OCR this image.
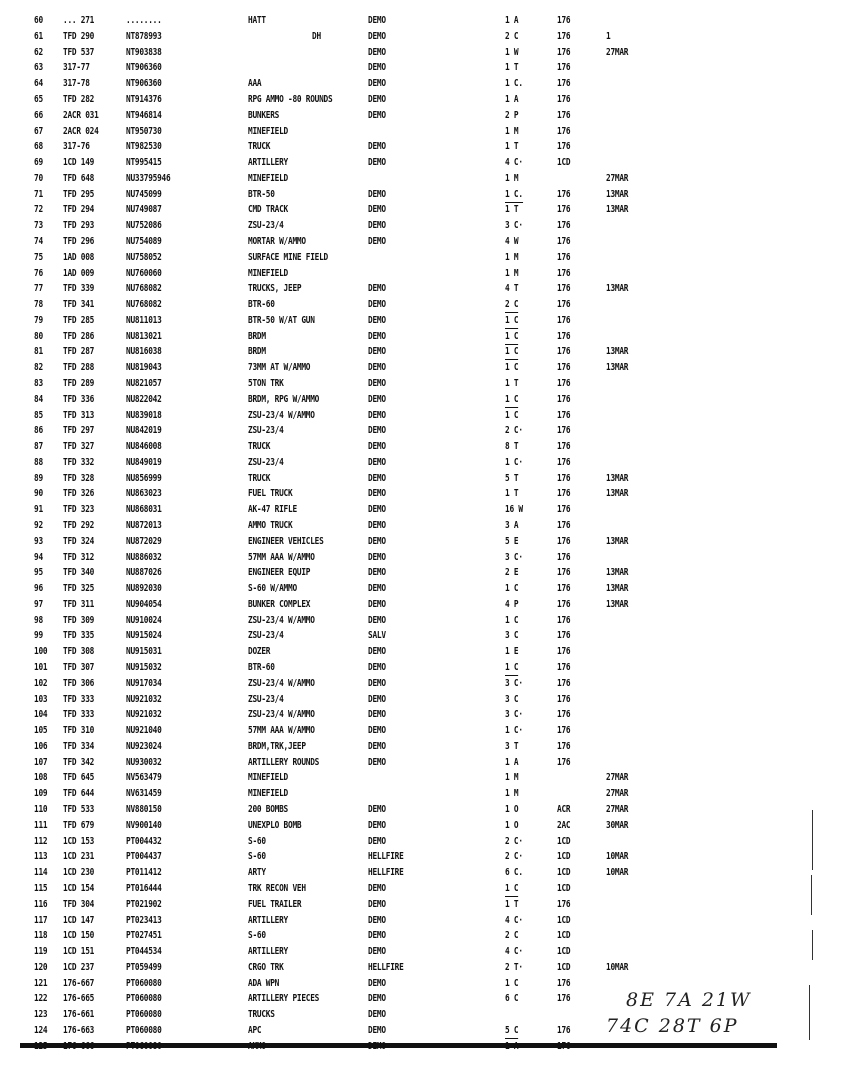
60 ... 271	........	HATT	DEMO	1 A	176
61 TFD 290	NT878993	DH	DEMO	2 C	176	1
62 TFD 537	NT903838	DEMO	1 W	176	27MAR
63 317-77	NT906360	DEMO	1 T	176
64 317-78	NT906360	AAA	DEMO	1 C.	176
65 TFD 282	NT914376	RPG AMMO -80 ROUNDS	DEMO	1 A	176
66 2ACR 031	NT946814	BUNKERS	DEMO	2 P	176
67 2ACR 024	NT950730	MINEFIELD	1 M	176
68 317-76	NT982530	TRUCK	DEMO	1 T	176
69 1CD 149	NT995415	ARTILLERY	DEMO	4 C·	1CD
70 TFD 648	NU33795946	MINEFIELD	1 M	27MAR
71 TFD 295	NU745099	BTR-50	DEMO	1 C.	176	13MAR
72 TFD 294	NU749087	CMD TRACK	DEMO	1 T	176	13MAR
73 TFD 293	NU752086	ZSU-23/4	DEMO	3 C·	176
74 TFD 296	NU754089	MORTAR W/AMMO	DEMO	4 W	176
75 1AD 008	NU758052	SURFACE MINE FIELD	1 M	176
76 1AD 009	NU760060	MINEFIELD	1 M	176
77 TFD 339	NU768082	TRUCKS, JEEP	DEMO	4 T	176	13MAR
78 TFD 341	NU768082	BTR-60	DEMO	2 C	176
79 TFD 285	NU811013	BTR-50 W/AT GUN	DEMO	1 C	176
80 TFD 286	NU813021	BRDM	DEMO	1 C	176
81 TFD 287	NU816038	BRDM	DEMO	1 C	176	13MAR
82 TFD 288	NU819043	73MM AT W/AMMO	DEMO	1 C	176	13MAR
83 TFD 289	NU821057	5TON TRK	DEMO	1 T	176
84 TFD 336	NU822042	BRDM, RPG W/AMMO	DEMO	1 C	176
85 TFD 313	NU839018	ZSU-23/4 W/AMMO	DEMO	1 C	176
86 TFD 297	NU842019	ZSU-23/4	DEMO	2 C·	176
87 TFD 327	NU846008	TRUCK	DEMO	8 T	176
88 TFD 332	NU849019	ZSU-23/4	DEMO	1 C·	176
89 TFD 328	NU856999	TRUCK	DEMO	5 T	176	13MAR
90 TFD 326	NU863023	FUEL TRUCK	DEMO	1 T	176	13MAR
91 TFD 323	NU868031	AK-47 RIFLE	DEMO	16 W	176
92 TFD 292	NU872013	AMMO TRUCK	DEMO	3 A	176
93 TFD 324	NU872029	ENGINEER VEHICLES	DEMO	5 E	176	13MAR
94 TFD 312	NU886032	57MM AAA W/AMMO	DEMO	3 C·	176
95 TFD 340	NU887026	ENGINEER EQUIP	DEMO	2 E	176	13MAR
96 TFD 325	NU892030	S-60 W/AMMO	DEMO	1 C	176	13MAR
97 TFD 311	NU904054	BUNKER COMPLEX	DEMO	4 P	176	13MAR
98 TFD 309	NU910024	ZSU-23/4 W/AMMO	DEMO	1 C	176
99 TFD 335	NU915024	ZSU-23/4	SALV	3 C	176
100 TFD 308	NU915031	DOZER	DEMO	1 E	176
101 TFD 307	NU915032	BTR-60	DEMO	1 C	176
102 TFD 306	NU917034	ZSU-23/4 W/AMMO	DEMO	3 C·	176
103 TFD 333	NU921032	ZSU-23/4	DEMO	3 C	176
104 TFD 333	NU921032	ZSU-23/4 W/AMMO	DEMO	3 C·	176
105 TFD 310	NU921040	57MM AAA W/AMMO	DEMO	1 C·	176
106 TFD 334	NU923024	BRDM,TRK,JEEP	DEMO	3 T	176
107 TFD 342	NU930032	ARTILLERY ROUNDS	DEMO	1 A	176
108 TFD 645	NV563479	MINEFIELD	1 M	27MAR
109 TFD 644	NV631459	MINEFIELD	1 M	27MAR
110 TFD 533	NV880150	200 BOMBS	DEMO	1 O	ACR	27MAR
111 TFD 679	NV900140	UNEXPLO BOMB	DEMO	1 O	2AC	30MAR
112 1CD 153	PT004432	S-60	DEMO	2 C·	1CD
113 1CD 231	PT004437	S-60	HELLFIRE	2 C·	1CD	10MAR
114 1CD 230	PT011412	ARTY	HELLFIRE	6 C.	1CD	10MAR
115 1CD 154	PT016444	TRK RECON VEH	DEMO	1 C	1CD
116 TFD 304	PT021902	FUEL TRAILER	DEMO	1 T	176
117 1CD 147	PT023413	ARTILLERY	DEMO	4 C·	1CD
118 1CD 150	PT027451	S-60	DEMO	2 C	1CD
119 1CD 151	PT044534	ARTILLERY	DEMO	4 C·	1CD
120 1CD 237	PT059499	CRGO TRK	HELLFIRE	2 T·	1CD	10MAR
121 176-667	PT060080	ADA WPN	DEMO	1 C	176
122 176-665	PT060080	ARTILLERY PIECES	DEMO	6 C	176
123 176-661	PT060080	TRUCKS	DEMO
124 176-663	PT060080	APC	DEMO	5 C	176
8E 7A 21W
74C 28T 6P
